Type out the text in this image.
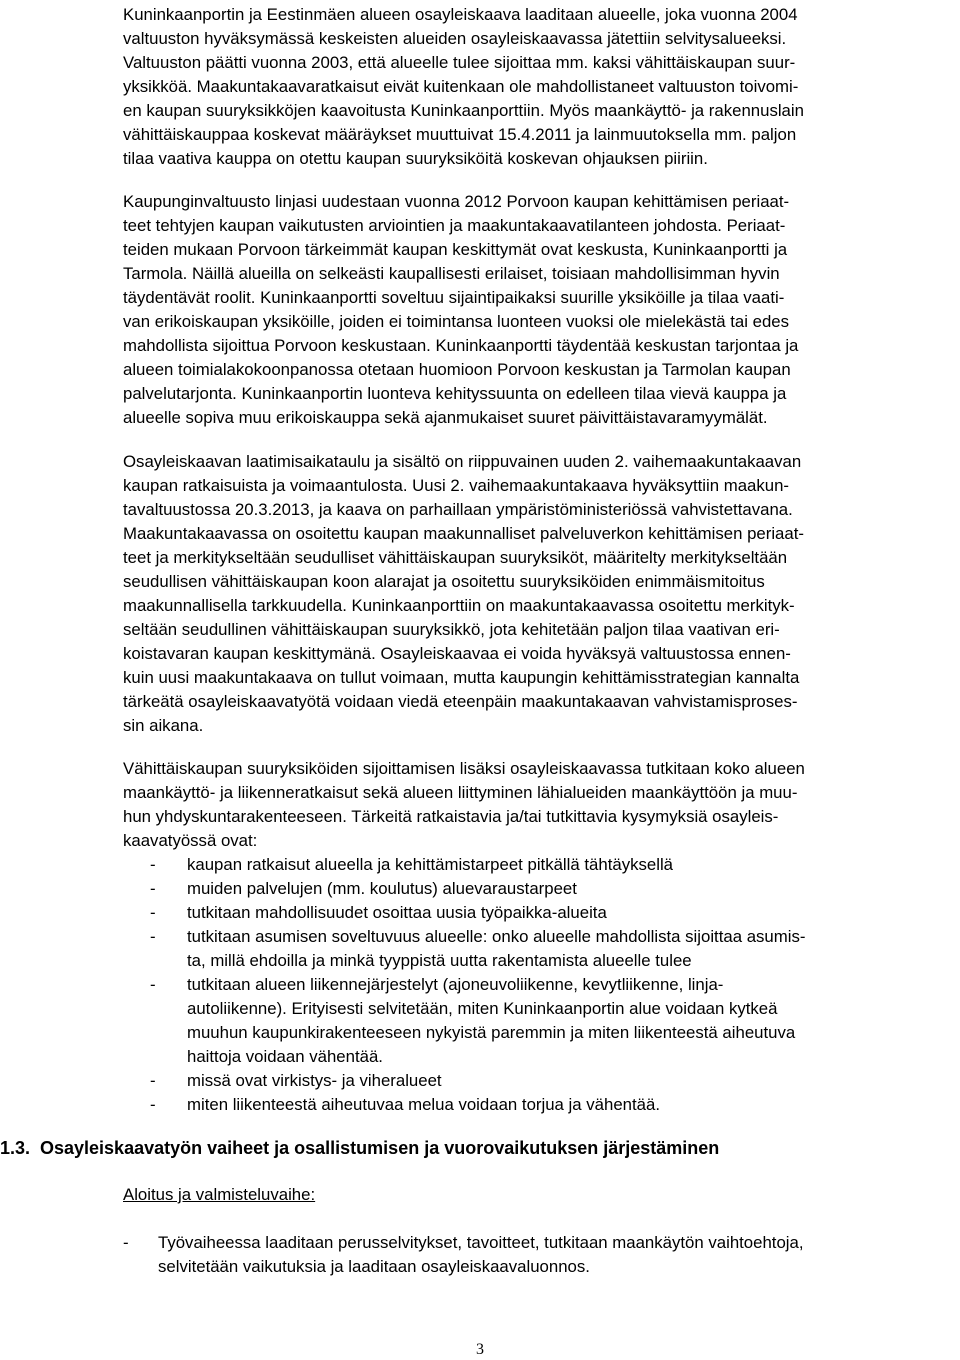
Kuninkaanportin ja Eestinmäen alueen osayleiskaava laaditaan alueelle, joka vuonna 2004
valtuuston hyväksymässä keskeisten alueiden osayleiskaavassa jätettiin selvitysalueeksi.
Valtuuston päätti vuonna 2003, että alueelle tulee sijoittaa mm. kaksi vähittäiskaupan suur-
yksikköä. Maakuntakaavaratkaisut eivät kuitenkaan ole mahdollistaneet valtuuston toivomi-
en kaupan suuryksikköjen kaavoitusta Kuninkaanporttiin. Myös maankäyttö- ja rakennuslain
vähittäiskauppaa koskevat määräykset muuttuivat 15.4.2011 ja lainmuutoksella mm. paljon
tilaa vaativa kauppa on otettu kaupan suuryksiköitä koskevan ohjauksen piiriin.
Kaupunginvaltuusto linjasi uudestaan vuonna 2012 Porvoon kaupan kehittämisen periaat-
teet tehtyjen kaupan vaikutusten arviointien ja maakuntakaavatilanteen johdosta. Periaat-
teiden mukaan Porvoon tärkeimmät kaupan keskittymät ovat keskusta, Kuninkaanportti ja
Tarmola. Näillä alueilla on selkeästi kaupallisesti erilaiset, toisiaan mahdollisimman hyvin
täydentävät roolit. Kuninkaanportti soveltuu sijaintipaikaksi suurille yksiköille ja tilaa vaati-
van erikoiskaupan yksiköille, joiden ei toimintansa luonteen vuoksi ole mielekästä tai edes
mahdollista sijoittua Porvoon keskustaan. Kuninkaanportti täydentää keskustan tarjontaa ja
alueen toimialakokoonpanossa otetaan huomioon Porvoon keskustan ja Tarmolan kaupan
palvelutarjonta. Kuninkaanportin luonteva kehityssuunta on edelleen tilaa vievä kauppa ja
alueelle sopiva muu erikoiskauppa sekä ajanmukaiset suuret päivittäistavaramyymälät.
Osayleiskaavan laatimisaikataulu ja sisältö on riippuvainen uuden 2. vaihemaakuntakaavan
kaupan ratkaisuista ja voimaantulosta. Uusi 2. vaihemaakuntakaava hyväksyttiin maakun-
tavaltuustossa 20.3.2013, ja kaava on parhaillaan ympäristöministeriössä vahvistettavana.
Maakuntakaavassa on osoitettu kaupan maakunnalliset palveluverkon kehittämisen periaat-
teet ja merkitykseltään seudulliset vähittäiskaupan suuryksiköt, määritelty merkitykseltään
seudullisen vähittäiskaupan koon alarajat ja osoitettu suuryksiköiden enimmäismitoitus
maakunnallisella tarkkuudella. Kuninkaanporttiin on maakuntakaavassa osoitettu merkityk-
seltään seudullinen vähittäiskaupan suuryksikkö, jota kehitetään paljon tilaa vaativan eri-
koistavaran kaupan keskittymänä. Osayleiskaavaa ei voida hyväksyä valtuustossa ennen-
kuin uusi maakuntakaava on tullut voimaan, mutta kaupungin kehittämisstrategian kannalta
tärkeätä osayleiskaavatyötä voidaan viedä eteenpäin maakuntakaavan vahvistamisproses-
sin aikana.
Vähittäiskaupan suuryksiköiden sijoittamisen lisäksi osayleiskaavassa tutkitaan koko alueen
maankäyttö- ja liikenneratkaisut sekä alueen liittyminen lähialueiden maankäyttöön ja muu-
hun yhdyskuntarakenteeseen. Tärkeitä ratkaistavia ja/tai tutkittavia kysymyksiä osayleis-
kaavatyössä ovat:
- kaupan ratkaisut alueella ja kehittämistarpeet pitkällä tähtäyksellä
- muiden palvelujen (mm. koulutus) aluevaraustarpeet
- tutkitaan mahdollisuudet osoittaa uusia työpaikka-alueita
- tutkitaan asumisen soveltuvuus alueelle: onko alueelle mahdollista sijoittaa asumis-
ta, millä ehdoilla ja minkä tyyppistä uutta rakentamista alueelle tulee
- tutkitaan alueen liikennejärjestelyt (ajoneuvoliikenne, kevytliikenne, linja-
autoliikenne). Erityisesti selvitetään, miten Kuninkaanportin alue voidaan kytkeä
muuhun kaupunkirakenteeseen nykyistä paremmin ja miten liikenteestä aiheutuva
haittoja voidaan vähentää.
- missä ovat virkistys- ja viheralueet
- miten liikenteestä aiheutuvaa melua voidaan torjua ja vähentää.
1.3. Osayleiskaavatyön vaiheet ja osallistumisen ja vuorovaikutuksen järjestäminen

Aloitus ja valmisteluvaihe:

- Työvaiheessa laaditaan perusselvitykset, tavoitteet, tutkitaan maankäytön vaihtoehtoja,
selvitetään vaikutuksia ja laaditaan osayleiskaavaluonnos.

3
